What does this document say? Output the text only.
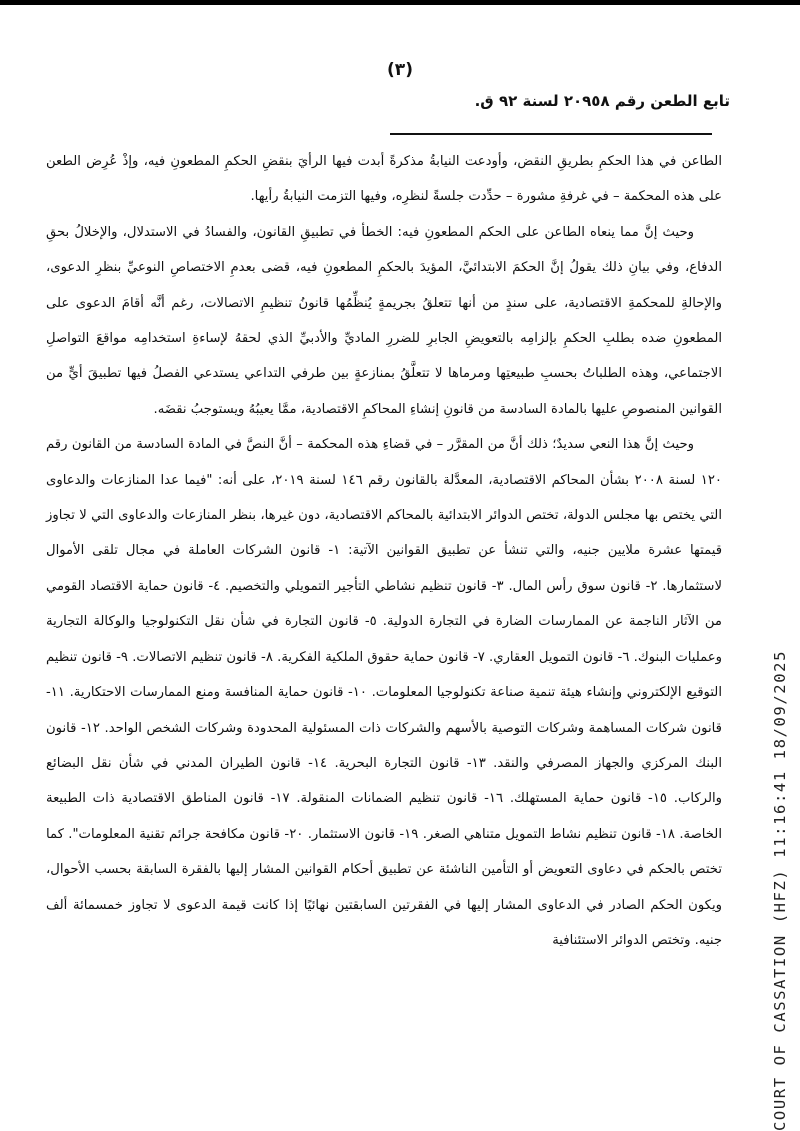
(٣)
تابع الطعن رقم ٢٠٩٥٨ لسنة ٩٢ ق.

الطاعن في هذا الحكمِ بطريقِ النقض، وأودعت النيابةُ مذكرةً أبدت فيها الرأيَ بنقضِ الحكمِ المطعونِ فيه، وإذْ عُرِض الطعن على هذه المحكمة – في غرفةِ مشورة – حدِّدت جلسةً لنظرِه، وفيها التزمت النيابةُ رأيها.

وحيث إنَّ مما ينعاه الطاعن على الحكم المطعونِ فيه: الخطأ في تطبيقِ القانون، والفسادُ في الاستدلال، والإخلالُ بحقِ الدفاع، وفي بيانِ ذلك يقولُ إنَّ الحكمَ الابتدائيَّ، المؤيدَ بالحكمِ المطعونِ فيه، قضى بعدمِ الاختصاصِ النوعيِّ بنظرِ الدعوى، والإحالةِ للمحكمةِ الاقتصادية، على سندٍ من أنها تتعلقُ بجريمةٍ يُنظِّمُها قانونُ تنظيمِ الاتصالات، رغم أنَّه أقامَ الدعوى على المطعونِ ضده بطلبِ الحكمِ بإلزامِه بالتعويضِ الجابرِ للضررِ الماديِّ والأدبيِّ الذي لحقهُ لإساءةِ استخدامِه مواقعَ التواصلِ الاجتماعي، وهذه الطلباتُ بحسبِ طبيعتِها ومرماها لا تتعلَّقُ بمنازعةٍ بين طرفي التداعي يستدعي الفصلُ فيها تطبيقَ أيٍّ من القوانين المنصوصِ عليها بالمادة السادسة من قانونِ إنشاءِ المحاكمِ الاقتصادية، ممَّا يعيبُهُ ويستوجبُ نقضَه.

وحيث إنَّ هذا النعي سديدٌ؛ ذلك أنَّ من المقرَّر – في قضاءِ هذه المحكمة – أنَّ النصَّ في المادة السادسة من القانون رقم ١٢٠ لسنة ٢٠٠٨ بشأن المحاكم الاقتصادية، المعدَّلة بالقانون رقم ١٤٦ لسنة ٢٠١٩، على أنه: "فيما عدا المنازعات والدعاوى التي يختص بها مجلس الدولة، تختص الدوائر الابتدائية بالمحاكم الاقتصادية، دون غيرها، بنظر المنازعات والدعاوى التي لا تجاوز قيمتها عشرة ملايين جنيه، والتي تنشأ عن تطبيق القوانين الآتية: ١- قانون الشركات العاملة في مجال تلقى الأموال لاستثمارها. ٢- قانون سوق رأس المال. ٣- قانون تنظيم نشاطي التأجير التمويلي والتخصيم. ٤- قانون حماية الاقتصاد القومي من الآثار الناجمة عن الممارسات الضارة في التجارة الدولية. ٥- قانون التجارة في شأن نقل التكنولوجيا والوكالة التجارية وعمليات البنوك. ٦- قانون التمويل العقاري. ٧- قانون حماية حقوق الملكية الفكرية. ٨- قانون تنظيم الاتصالات. ٩- قانون تنظيم التوقيع الإلكتروني وإنشاء هيئة تنمية صناعة تكنولوجيا المعلومات. ١٠- قانون حماية المنافسة ومنع الممارسات الاحتكارية. ١١- قانون شركات المساهمة وشركات التوصية بالأسهم والشركات ذات المسئولية المحدودة وشركات الشخص الواحد. ١٢- قانون البنك المركزي والجهاز المصرفي والنقد. ١٣- قانون التجارة البحرية. ١٤- قانون الطيران المدني في شأن نقل البضائع والركاب. ١٥- قانون حماية المستهلك. ١٦- قانون تنظيم الضمانات المنقولة. ١٧- قانون المناطق الاقتصادية ذات الطبيعة الخاصة. ١٨- قانون تنظيم نشاط التمويل متناهي الصغر. ١٩- قانون الاستثمار. ٢٠- قانون مكافحة جرائم تقنية المعلومات". كما تختص بالحكم في دعاوى التعويض أو التأمين الناشئة عن تطبيق أحكام القوانين المشار إليها بالفقرة السابقة بحسب الأحوال، ويكون الحكم الصادر في الدعاوى المشار إليها في الفقرتين السابقتين نهائيًا إذا كانت قيمة الدعوى لا تجاوز خمسمائة ألف جنيه. وتختص الدوائر الاستئنافية	COURT OF CASSATION (HFZ) 11:16:41 18/09/2025
